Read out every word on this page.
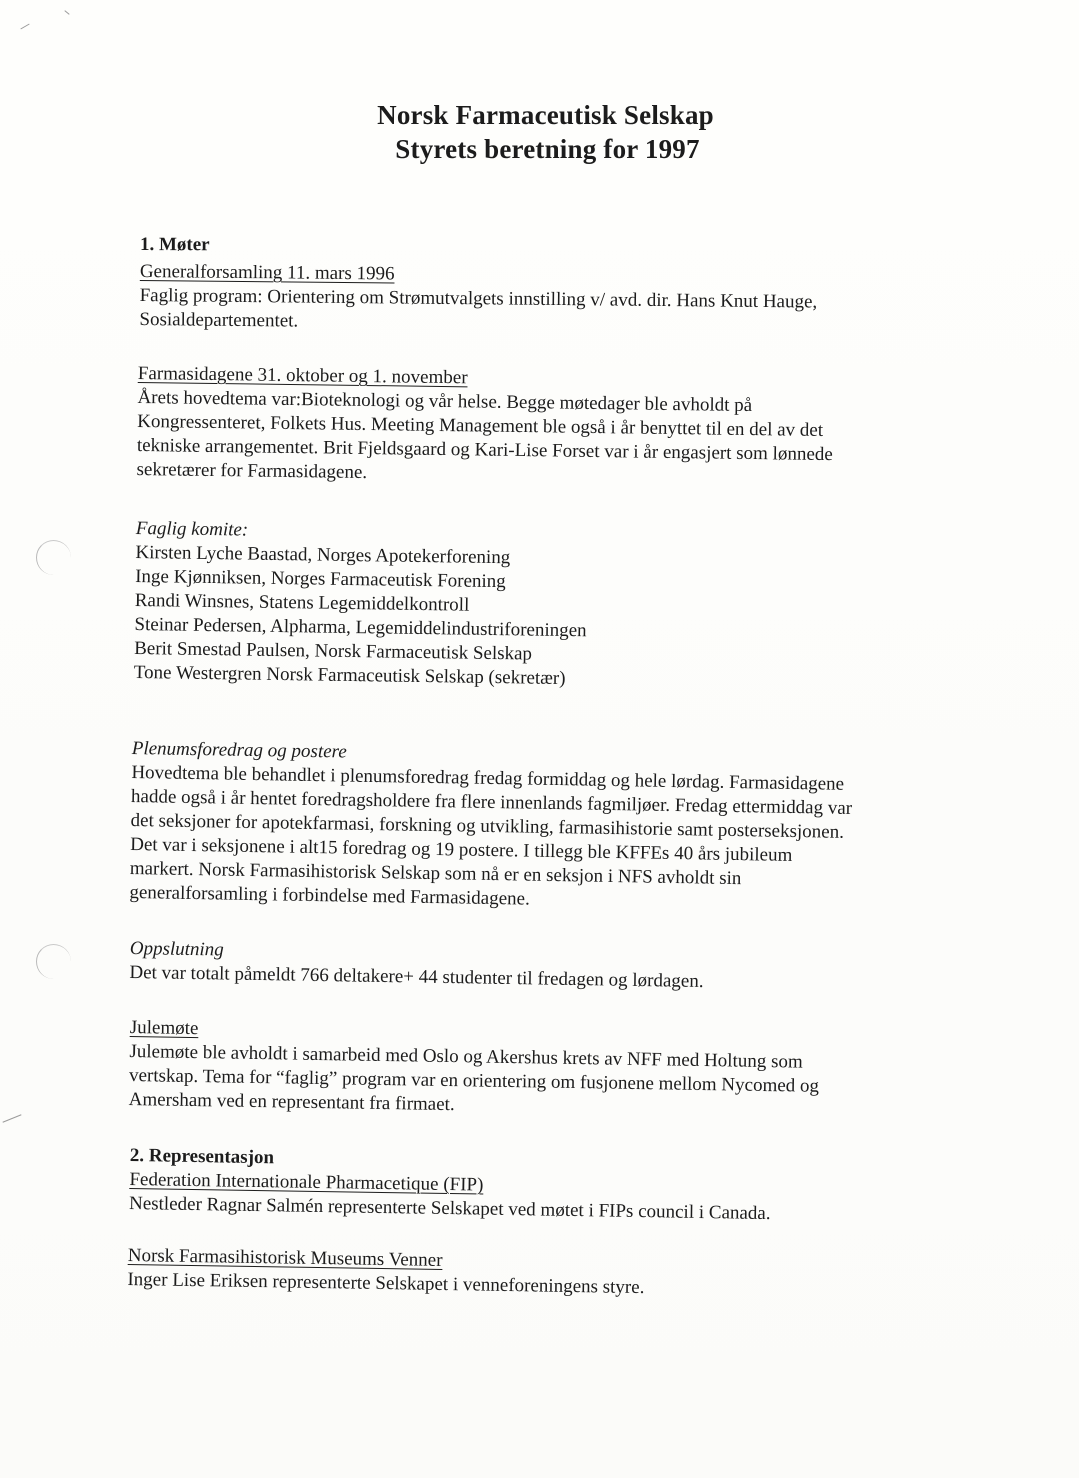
Norsk Farmaceutisk Selskap
Styrets beretning for 1997
1. Møter
Generalforsamling 11. mars 1996
Faglig program: Orientering om Strømutvalgets innstilling v/ avd. dir. Hans Knut Hauge,
Sosialdepartementet.
Farmasidagene 31. oktober og 1. november
Årets hovedtema var:Bioteknologi og vår helse. Begge møtedager ble avholdt på
Kongressenteret, Folkets Hus. Meeting Management ble også i år benyttet til en del av det
tekniske arrangementet. Brit Fjeldsgaard og Kari-Lise Forset var i år engasjert som lønnede
sekretærer for Farmasidagene.
Faglig komite:
Kirsten Lyche Baastad, Norges Apotekerforening
Inge Kjønniksen, Norges Farmaceutisk Forening
Randi Winsnes, Statens Legemiddelkontroll
Steinar Pedersen, Alpharma, Legemiddelindustriforeningen
Berit Smestad Paulsen, Norsk Farmaceutisk Selskap
Tone Westergren Norsk Farmaceutisk Selskap (sekretær)
Plenumsforedrag og postere
Hovedtema ble behandlet i plenumsforedrag fredag formiddag og hele lørdag. Farmasidagene
hadde også i år hentet foredragsholdere fra flere innenlands fagmiljøer. Fredag ettermiddag var
det seksjoner for apotekfarmasi, forskning og utvikling, farmasihistorie samt posterseksjonen.
Det var i seksjonene i alt15 foredrag og 19 postere. I tillegg ble KFFEs 40 års jubileum
markert. Norsk Farmasihistorisk Selskap som nå er en seksjon i NFS avholdt sin
generalforsamling i forbindelse med Farmasidagene.
Oppslutning
Det var totalt påmeldt 766 deltakere+ 44 studenter til fredagen og lørdagen.
Julemøte
Julemøte ble avholdt i samarbeid med Oslo og Akershus krets av NFF med Holtung som
vertskap. Tema for “faglig” program var en orientering om fusjonene mellom Nycomed og
Amersham ved en representant fra firmaet.
2. Representasjon
Federation Internationale Pharmacetique (FIP)
Nestleder Ragnar Salmén representerte Selskapet ved møtet i FIPs council i Canada.
Norsk Farmasihistorisk Museums Venner
Inger Lise Eriksen representerte Selskapet i venneforeningens styre.
